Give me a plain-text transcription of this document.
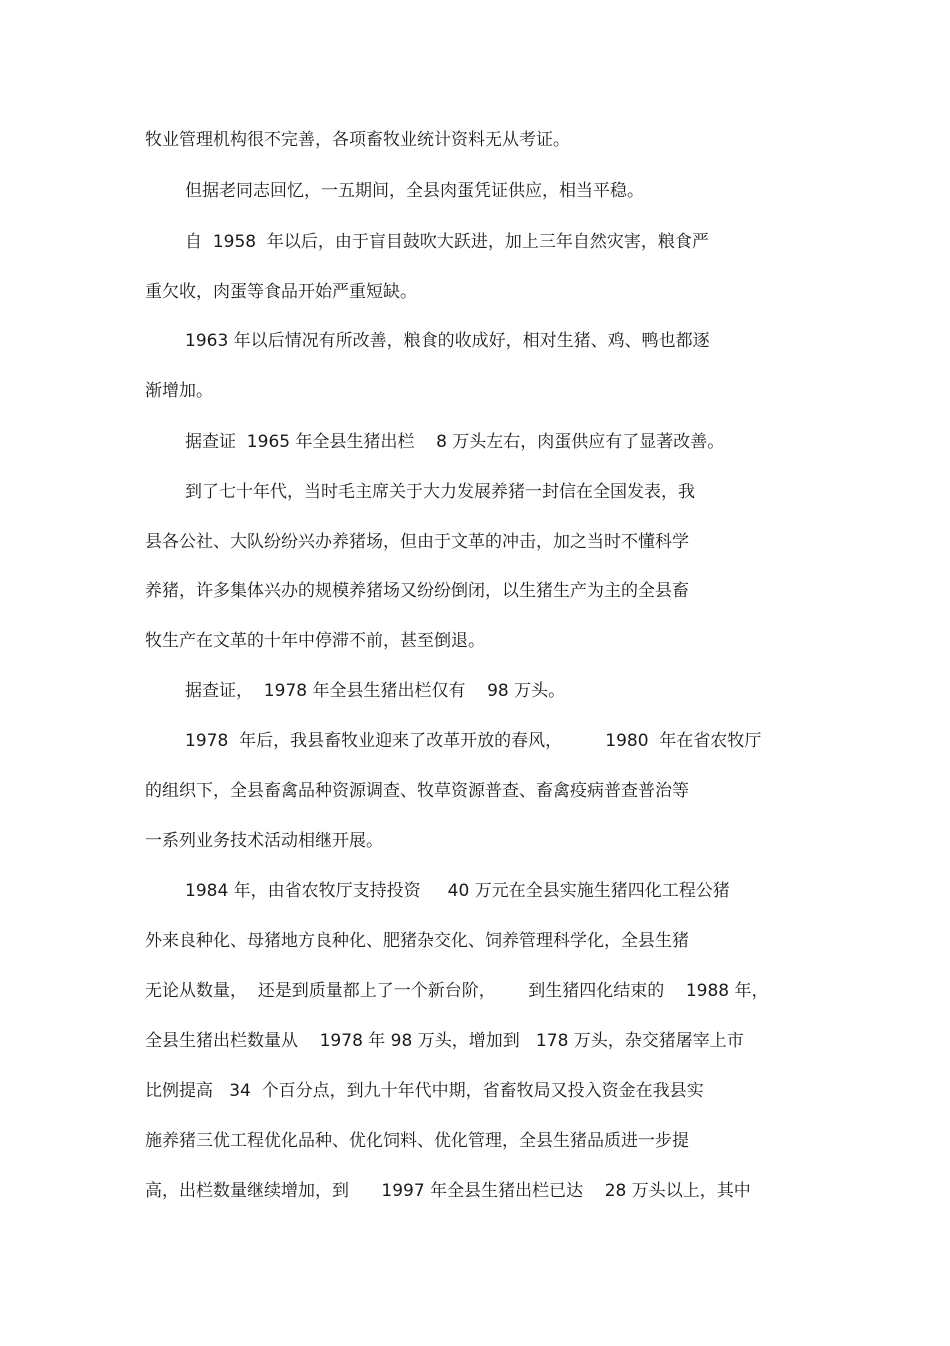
牧业管理机构很不完善，各项畜牧业统计资料无从考证。
但据老同志回忆，一五期间，全县肉蛋凭证供应，相当平稳。
自  1958  年以后，由于盲目鼓吹大跃进，加上三年自然灾害，粮食严
重欠收，肉蛋等食品开始严重短缺。
1963 年以后情况有所改善，粮食的收成好，相对生猪、鸡、鸭也都逐
渐增加。
据查证  1965 年全县生猪出栏    8 万头左右，肉蛋供应有了显著改善。
到了七十年代，当时毛主席关于大力发展养猪一封信在全国发表，我
县各公社、大队纷纷兴办养猪场，但由于文革的冲击，加之当时不懂科学
养猪，许多集体兴办的规模养猪场又纷纷倒闭，以生猪生产为主的全县畜
牧生产在文革的十年中停滞不前，甚至倒退。
据查证，  1978 年全县生猪出栏仅有    98 万头。
1978  年后，我县畜牧业迎来了改革开放的春风，        1980  年在省农牧厅
的组织下，全县畜禽品种资源调查、牧草资源普查、畜禽疫病普查普治等
一系列业务技术活动相继开展。
1984 年，由省农牧厅支持投资     40 万元在全县实施生猪四化工程公猪
外来良种化、母猪地方良种化、肥猪杂交化、饲养管理科学化，全县生猪
无论从数量，  还是到质量都上了一个新台阶，      到生猪四化结束的    1988 年，
全县生猪出栏数量从    1978 年 98 万头，增加到   178 万头，杂交猪屠宰上市
比例提高   34  个百分点，到九十年代中期，省畜牧局又投入资金在我县实
施养猪三优工程优化品种、优化饲料、优化管理，全县生猪品质进一步提
高，出栏数量继续增加，到      1997 年全县生猪出栏已达    28 万头以上，其中
